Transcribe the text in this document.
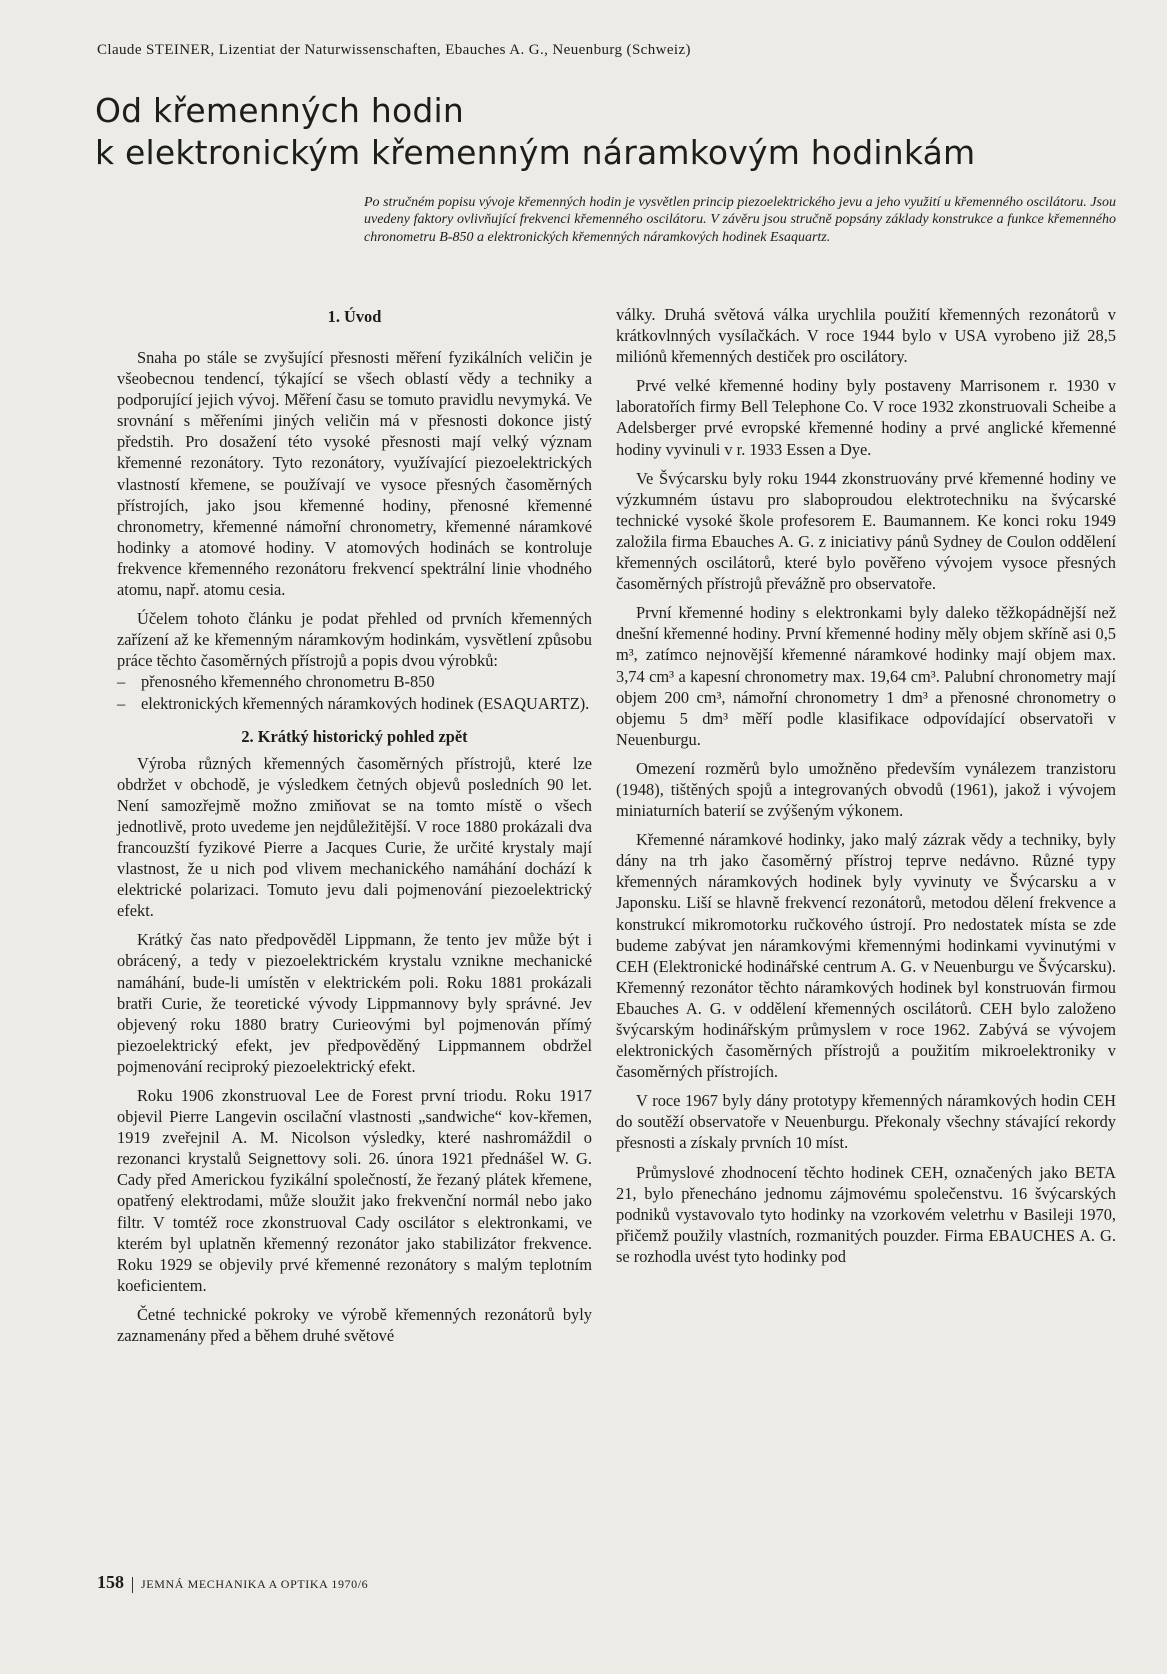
Claude STEINER, Lizentiat der Naturwissenschaften, Ebauches A. G., Neuenburg (Schweiz)
Od křemenných hodin
k elektronickým křemenným náramkovým hodinkám

Po stručném popisu vývoje křemenných hodin je vysvětlen princip piezoelektrického jevu a jeho využití u křemenného oscilátoru. Jsou uvedeny faktory ovlivňující frekvenci křemenného oscilátoru. V závěru jsou stručně popsány základy konstrukce a funkce křemenného chronometru B-850 a elektronických křemenných náramkových hodinek Esaquartz.

1. Úvod

Snaha po stále se zvyšující přesnosti měření fyzikálních veličin je všeobecnou tendencí, týkající se všech oblastí vědy a techniky a podporující jejich vývoj. Měření času se tomuto pravidlu nevymyká. Ve srovnání s měřeními jiných veličin má v přesnosti dokonce jistý předstih. Pro dosažení této vysoké přesnosti mají velký význam křemenné rezonátory. Tyto rezonátory, využívající piezoelektrických vlastností křemene, se používají ve vysoce přesných časoměrných přístrojích, jako jsou křemenné hodiny, přenosné křemenné chronometry, křemenné námořní chronometry, křemenné náramkové hodinky a atomové hodiny. V atomových hodinách se kontroluje frekvence křemenného rezonátoru frekvencí spektrální linie vhodného atomu, např. atomu cesia.

Účelem tohoto článku je podat přehled od prvních křemenných zařízení až ke křemenným náramkovým hodinkám, vysvětlení způsobu práce těchto časoměrných přístrojů a popis dvou výrobků:

– přenosného křemenného chronometru B-850
– elektronických křemenných náramkových hodinek (ESAQUARTZ).
2. Krátký historický pohled zpět

Výroba různých křemenných časoměrných přístrojů, které lze obdržet v obchodě, je výsledkem četných objevů posledních 90 let. Není samozřejmě možno zmiňovat se na tomto místě o všech jednotlivě, proto uvedeme jen nejdůležitější. V roce 1880 prokázali dva francouzští fyzikové Pierre a Jacques Curie, že určité krystaly mají vlastnost, že u nich pod vlivem mechanického namáhání dochází k elektrické polarizaci. Tomuto jevu dali pojmenování piezoelektrický efekt.

Krátký čas nato předpověděl Lippmann, že tento jev může být i obrácený, a tedy v piezoelektrickém krystalu vznikne mechanické namáhání, bude-li umístěn v elektrickém poli. Roku 1881 prokázali bratři Curie, že teoretické vývody Lippmannovy byly správné. Jev objevený roku 1880 bratry Curieovými byl pojmenován přímý piezoelektrický efekt, jev předpověděný Lippmannem obdržel pojmenování reciproký piezoelektrický efekt.

Roku 1906 zkonstruoval Lee de Forest první triodu. Roku 1917 objevil Pierre Langevin oscilační vlastnosti „sandwiche“ kov-křemen, 1919 zveřejnil A. M. Nicolson výsledky, které nashromáždil o rezonanci krystalů Seignettovy soli. 26. února 1921 přednášel W. G. Cady před Americkou fyzikální společností, že řezaný plátek křemene, opatřený elektrodami, může sloužit jako frekvenční normál nebo jako filtr. V tomtéž roce zkonstruoval Cady oscilátor s elektronkami, ve kterém byl uplatněn křemenný rezonátor jako stabilizátor frekvence. Roku 1929 se objevily prvé křemenné rezonátory s malým teplotním koeficientem.

Četné technické pokroky ve výrobě křemenných rezonátorů byly zaznamenány před a během druhé světové

války. Druhá světová válka urychlila použití křemenných rezonátorů v krátkovlnných vysílačkách. V roce 1944 bylo v USA vyrobeno již 28,5 miliónů křemenných destiček pro oscilátory.

Prvé velké křemenné hodiny byly postaveny Marrisonem r. 1930 v laboratořích firmy Bell Telephone Co. V roce 1932 zkonstruovali Scheibe a Adelsberger prvé evropské křemenné hodiny a prvé anglické křemenné hodiny vyvinuli v r. 1933 Essen a Dye.

Ve Švýcarsku byly roku 1944 zkonstruovány prvé křemenné hodiny ve výzkumném ústavu pro slaboproudou elektrotechniku na švýcarské technické vysoké škole profesorem E. Baumannem. Ke konci roku 1949 založila firma Ebauches A. G. z iniciativy pánů Sydney de Coulon oddělení křemenných oscilátorů, které bylo pověřeno vývojem vysoce přesných časoměrných přístrojů převážně pro observatoře.

První křemenné hodiny s elektronkami byly daleko těžkopádnější než dnešní křemenné hodiny. První křemenné hodiny měly objem skříně asi 0,5 m³, zatímco nejnovější křemenné náramkové hodinky mají objem max. 3,74 cm³ a kapesní chronometry max. 19,64 cm³. Palubní chronometry mají objem 200 cm³, námořní chronometry 1 dm³ a přenosné chronometry o objemu 5 dm³ měří podle klasifikace odpovídající observatoři v Neuenburgu.

Omezení rozměrů bylo umožněno především vynálezem tranzistoru (1948), tištěných spojů a integrovaných obvodů (1961), jakož i vývojem miniaturních baterií se zvýšeným výkonem.

Křemenné náramkové hodinky, jako malý zázrak vědy a techniky, byly dány na trh jako časoměrný přístroj teprve nedávno. Různé typy křemenných náramkových hodinek byly vyvinuty ve Švýcarsku a v Japonsku. Liší se hlavně frekvencí rezonátorů, metodou dělení frekvence a konstrukcí mikromotorku ručkového ústrojí. Pro nedostatek místa se zde budeme zabývat jen náramkovými křemennými hodinkami vyvinutými v CEH (Elektronické hodinářské centrum A. G. v Neuenburgu ve Švýcarsku). Křemenný rezonátor těchto náramkových hodinek byl konstruován firmou Ebauches A. G. v oddělení křemenných oscilátorů. CEH bylo založeno švýcarským hodinářským průmyslem v roce 1962. Zabývá se vývojem elektronických časoměrných přístrojů a použitím mikroelektroniky v časoměrných přístrojích.

V roce 1967 byly dány prototypy křemenných náramkových hodin CEH do soutěží observatoře v Neuenburgu. Překonaly všechny stávající rekordy přesnosti a získaly prvních 10 míst.

Průmyslové zhodnocení těchto hodinek CEH, označených jako BETA 21, bylo přenecháno jednomu zájmovému společenstvu. 16 švýcarských podniků vystavovalo tyto hodinky na vzorkovém veletrhu v Basileji 1970, přičemž použily vlastních, rozmanitých pouzder. Firma EBAUCHES A. G. se rozhodla uvést tyto hodinky pod

158 JEMNÁ MECHANIKA A OPTIKA 1970/6
